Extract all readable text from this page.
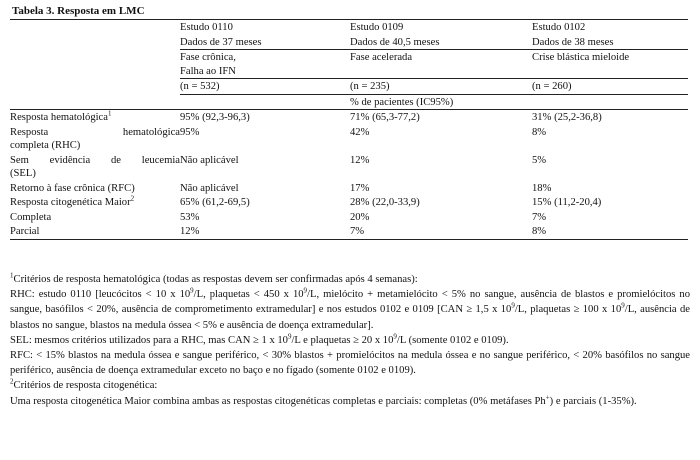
Tabela 3. Resposta em LMC
	Estudo 0110	Estudo 0109	Estudo 0102
	Dados de 37 meses	Dados de 40,5 meses	Dados de 38 meses

	Fase crônica,
Falha ao IFN	Fase acelerada	Crise blástica mieloide
	(n = 532)	(n = 235)	(n = 260)
		% de pacientes (IC95%)	
Resposta hematológica$^1$	95% (92,3-96,3)	71% (65,3-77,2)	31% (25,2-36,8)

Resposta hematológica
completa (RHC)	95%	42%	8%

Sem evidência de leucemia
(SEL)	Não aplicável	12%	5%
Retorno à fase crônica (RFC)	Não aplicável	17%	18%
Resposta citogenética Maior$^2$	65% (61,2-69,5)	28% (22,0-33,9)	15% (11,2-20,4)
Completa	53%	20%	7%
Parcial	12%	7%	8%

$^1$Critérios de resposta hematológica (todas as respostas devem ser confirmadas após 4 semanas):

RHC: estudo 0110 [leucócitos < 10 x $10^9/L$, plaquetas < 450 x $10^9/L$, mielócito + metamielócito < 5% no sangue, ausência de blastos e promielócitos no sangue, basófilos < 20%, ausência de comprometimento extramedular] e nos estudos 0102 e 0109 [CAN ≥ 1,5 x $10^9/L$, plaquetas ≥ 100 x $10^9/L$, ausência de blastos no sangue, blastos na medula óssea < 5% e ausência de doença extramedular].

SEL: mesmos critérios utilizados para a RHC, mas CAN ≥ 1 x $10^9/L$ e plaquetas ≥ 20 x $10^9/L$ (somente 0102 e 0109).

RFC: < 15% blastos na medula óssea e sangue periférico, < 30% blastos + promielócitos na medula óssea e no sangue periférico, < 20% basófilos no sangue periférico, ausência de doença extramedular exceto no baço e no fígado (somente 0102 e 0109).

$^2$Critérios de resposta citogenética:

Uma resposta citogenética Maior combina ambas as respostas citogenéticas completas e parciais: completas (0% metáfases Ph+) e parciais (1-35%).
